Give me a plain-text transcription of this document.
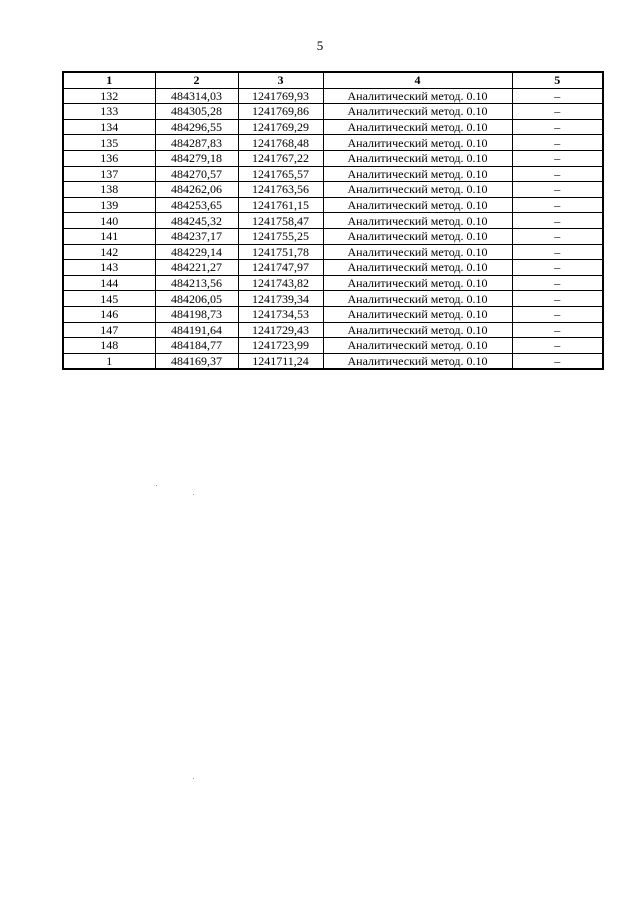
5
1	2	3	4	5
132	484314,03	1241769,93	Аналитический метод. 0.10	–
133	484305,28	1241769,86	Аналитический метод. 0.10	–
134	484296,55	1241769,29	Аналитический метод. 0.10	–
135	484287,83	1241768,48	Аналитический метод. 0.10	–
136	484279,18	1241767,22	Аналитический метод. 0.10	–
137	484270,57	1241765,57	Аналитический метод. 0.10	–
138	484262,06	1241763,56	Аналитический метод. 0.10	–
139	484253,65	1241761,15	Аналитический метод. 0.10	–
140	484245,32	1241758,47	Аналитический метод. 0.10	–
141	484237,17	1241755,25	Аналитический метод. 0.10	–
142	484229,14	1241751,78	Аналитический метод. 0.10	–
143	484221,27	1241747,97	Аналитический метод. 0.10	–
144	484213,56	1241743,82	Аналитический метод. 0.10	–
145	484206,05	1241739,34	Аналитический метод. 0.10	–
146	484198,73	1241734,53	Аналитический метод. 0.10	–
147	484191,64	1241729,43	Аналитический метод. 0.10	–
148	484184,77	1241723,99	Аналитический метод. 0.10	–
1	484169,37	1241711,24	Аналитический метод. 0.10	–
